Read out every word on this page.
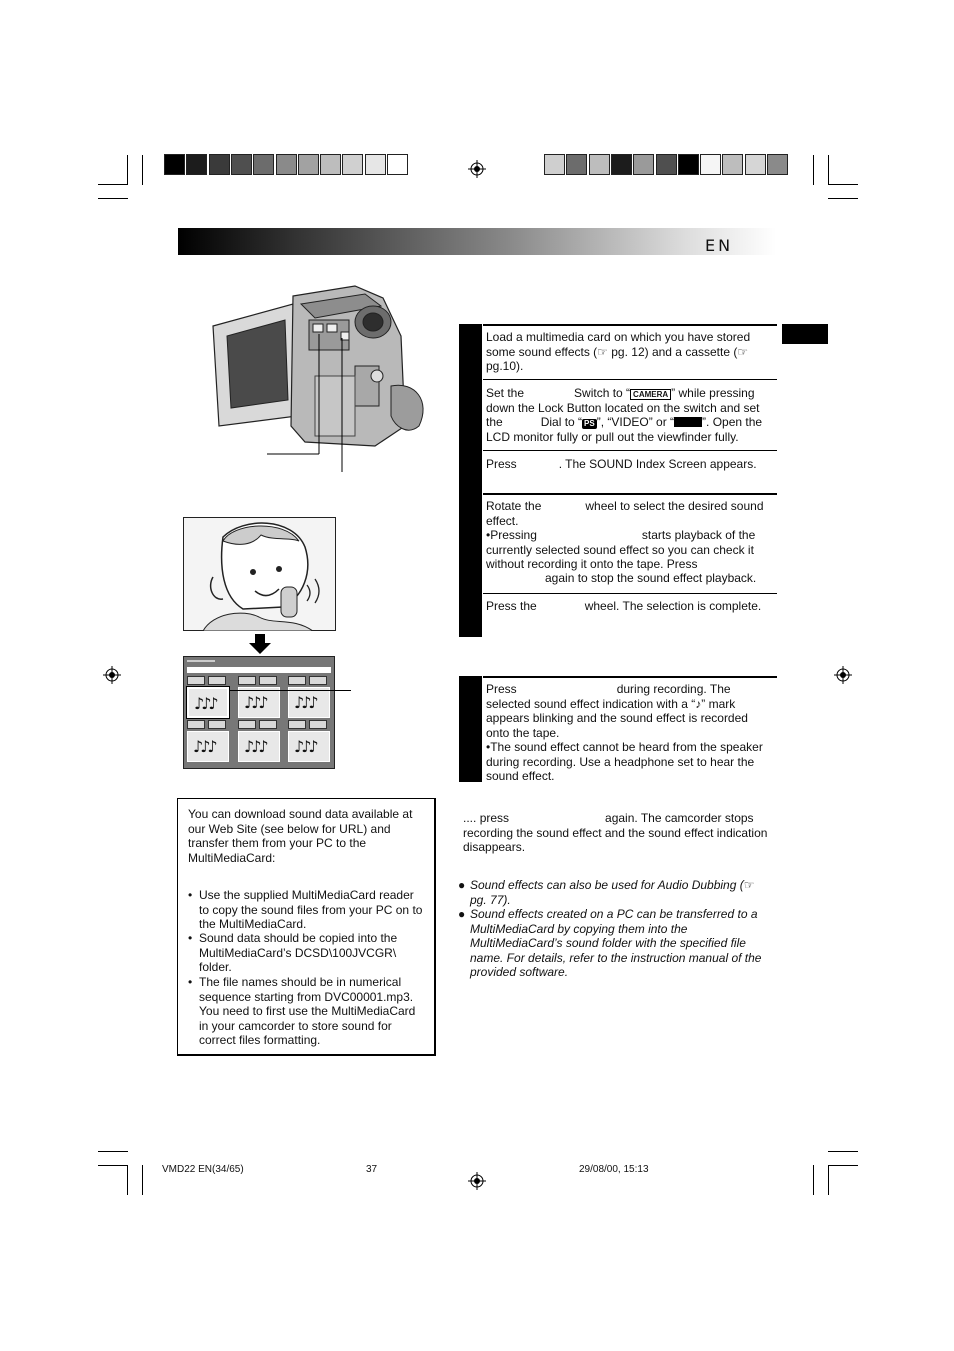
EN
♪♪♪ ♪♪♪ ♪♪♪
♪♪♪ ♪♪♪ ♪♪♪
You can download sound data available at our Web Site (see below for URL) and transfer them from your PC to the MultiMediaCard:
• Use the supplied MultiMediaCard reader to copy the sound files from your PC on to the MultiMediaCard.
• Sound data should be copied into the MultiMediaCard’s DCSD\100JVCGR\ folder.
• The file names should be in numerical sequence starting from DVC00001.mp3. You need to first use the MultiMediaCard in your camcorder to store sound for correct files formatting.
Load a multimedia card on which you have stored some sound effects (☞ pg. 12) and a cassette (☞pg.10).
Set the	Switch to “ CAMERA ” while pressing down the Lock Button located on the switch and set the	Dial to “ PS ”, “VIDEO” or “ ”. Open the LCD monitor fully or pull out the viewfinder fully.
Press	. The SOUND Index Screen appears.
Rotate the	wheel to select the desired sound effect.
•Pressing	starts playback of the currently selected sound effect so you can check it without recording it onto the tape. Press
again to stop the sound effect playback.
Press the	wheel. The selection is complete.
Press	during recording. The selected sound effect indication with a “♪” mark appears blinking and the sound effect is recorded onto the tape.
•The sound effect cannot be heard from the speaker during recording. Use a headphone set to hear the sound effect.
.... press	again. The camcorder stops recording the sound effect and the sound effect indication disappears.
● Sound effects can also be used for Audio Dubbing (☞ pg. 77).
● Sound effects created on a PC can be transferred to a MultiMediaCard by copying them into the MultiMediaCard’s sound folder with the specified file name. For details, refer to the instruction manual of the provided software.
VMD22 EN(34/65)	37	29/08/00, 15:13
